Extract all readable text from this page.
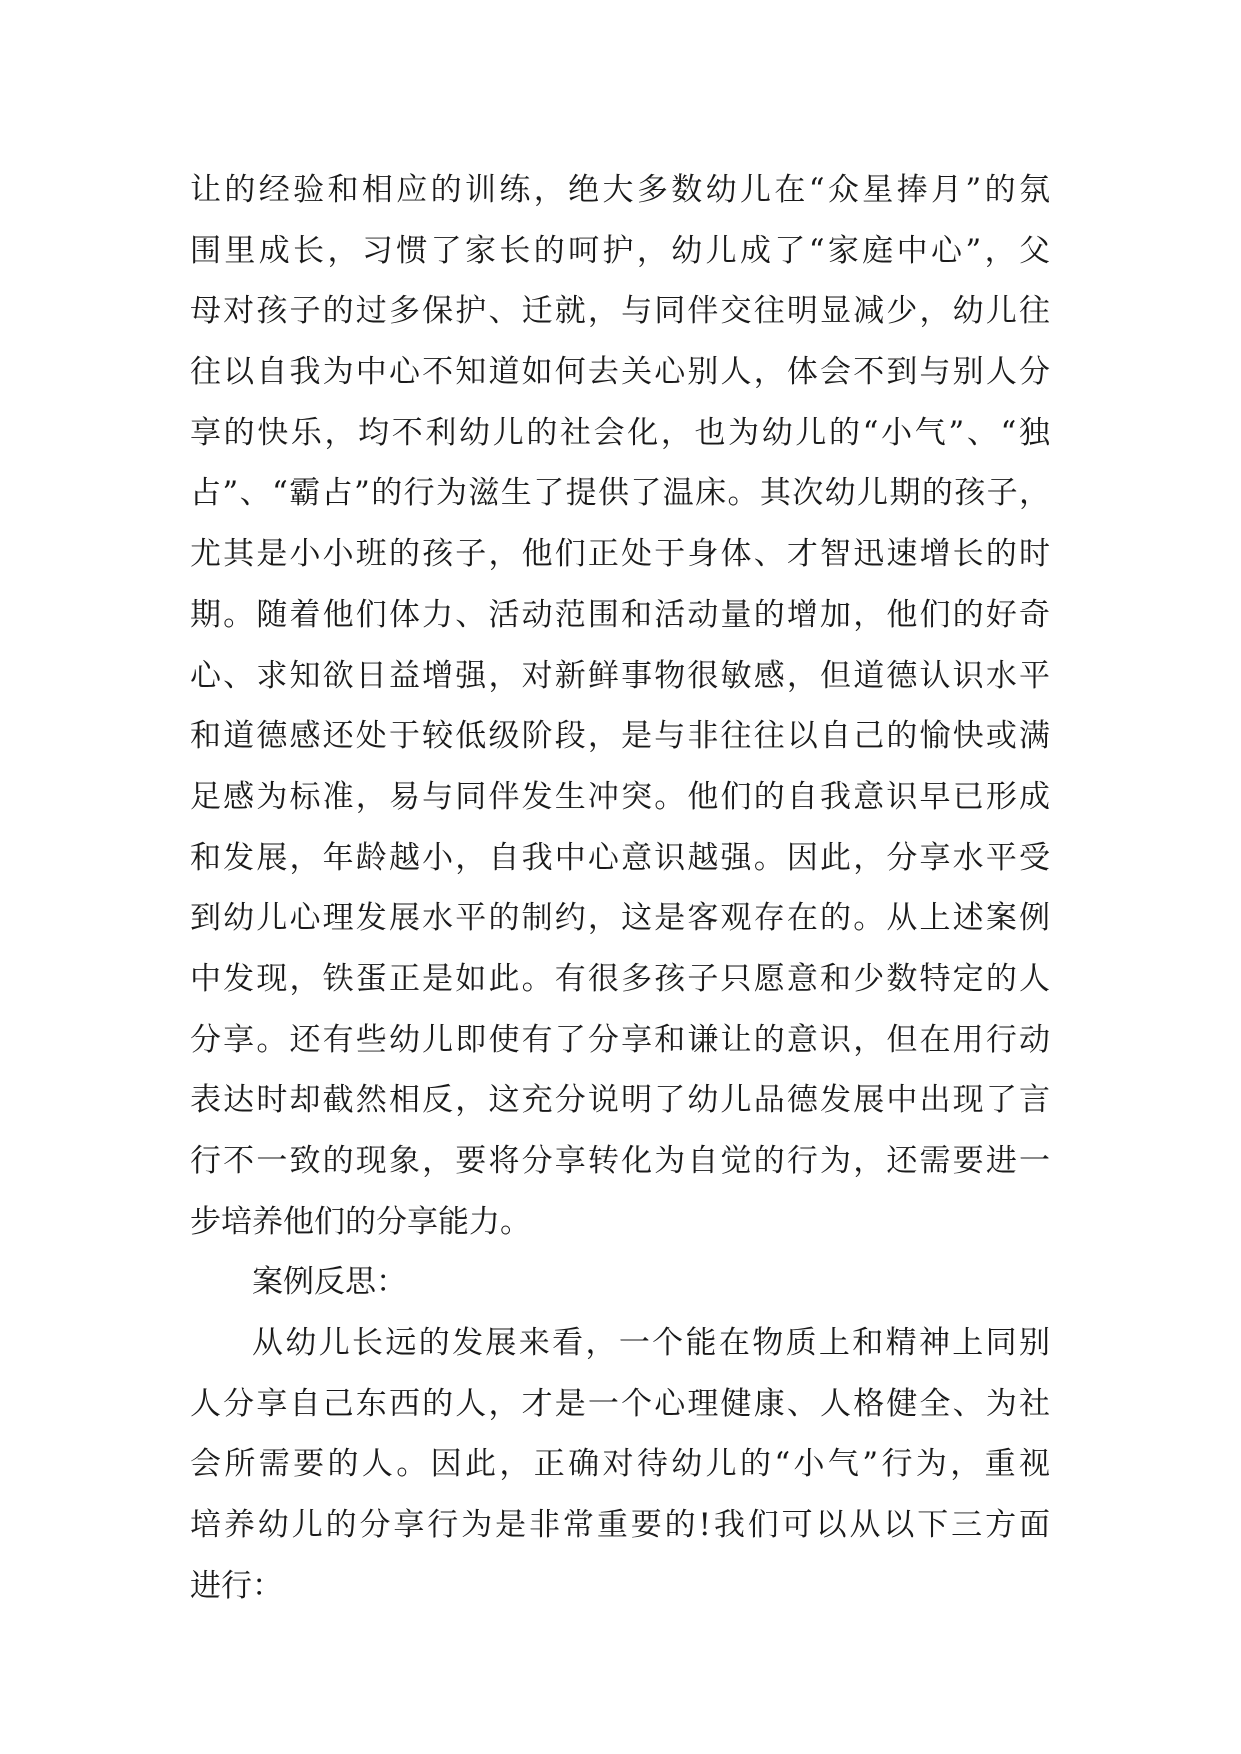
让的经验和相应的训练，绝大多数幼儿在“众星捧月”的氛
围里成长，习惯了家长的呵护，幼儿成了“家庭中心”，父
母对孩子的过多保护、迁就，与同伴交往明显减少，幼儿往
往以自我为中心不知道如何去关心别人，体会不到与别人分
享的快乐，均不利幼儿的社会化，也为幼儿的“小气”、“独
占”、“霸占”的行为滋生了提供了温床。其次幼儿期的孩子，
尤其是小小班的孩子，他们正处于身体、才智迅速增长的时
期。随着他们体力、活动范围和活动量的增加，他们的好奇
心、求知欲日益增强，对新鲜事物很敏感，但道德认识水平
和道德感还处于较低级阶段，是与非往往以自己的愉快或满
足感为标准，易与同伴发生冲突。他们的自我意识早已形成
和发展，年龄越小，自我中心意识越强。因此，分享水平受
到幼儿心理发展水平的制约，这是客观存在的。从上述案例
中发现，铁蛋正是如此。有很多孩子只愿意和少数特定的人
分享。还有些幼儿即使有了分享和谦让的意识，但在用行动
表达时却截然相反，这充分说明了幼儿品德发展中出现了言
行不一致的现象，要将分享转化为自觉的行为，还需要进一
步培养他们的分享能力。
案例反思：
从幼儿长远的发展来看，一个能在物质上和精神上同别
人分享自己东西的人，才是一个心理健康、人格健全、为社
会所需要的人。因此，正确对待幼儿的“小气”行为，重视
培养幼儿的分享行为是非常重要的!我们可以从以下三方面
进行：
